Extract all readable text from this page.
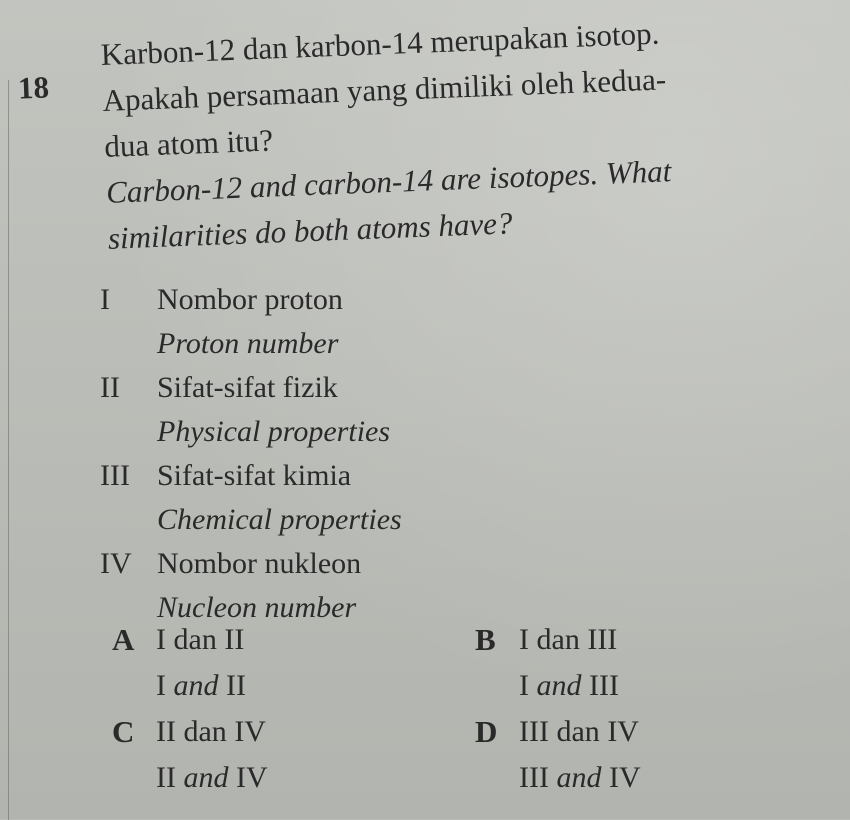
18
Karbon-12 dan karbon-14 merupakan isotop.
Apakah persamaan yang dimiliki oleh kedua-
dua atom itu?
Carbon-12 and carbon-14 are isotopes. What
similarities do both atoms have?
I Nombor proton
Proton number
II Sifat-sifat fizik
Physical properties
III Sifat-sifat kimia
Chemical properties
IV Nombor nukleon
Nucleon number
A I dan II
I and II
B I dan III
I and III
C II dan IV
II and IV
D III dan IV
III and IV
